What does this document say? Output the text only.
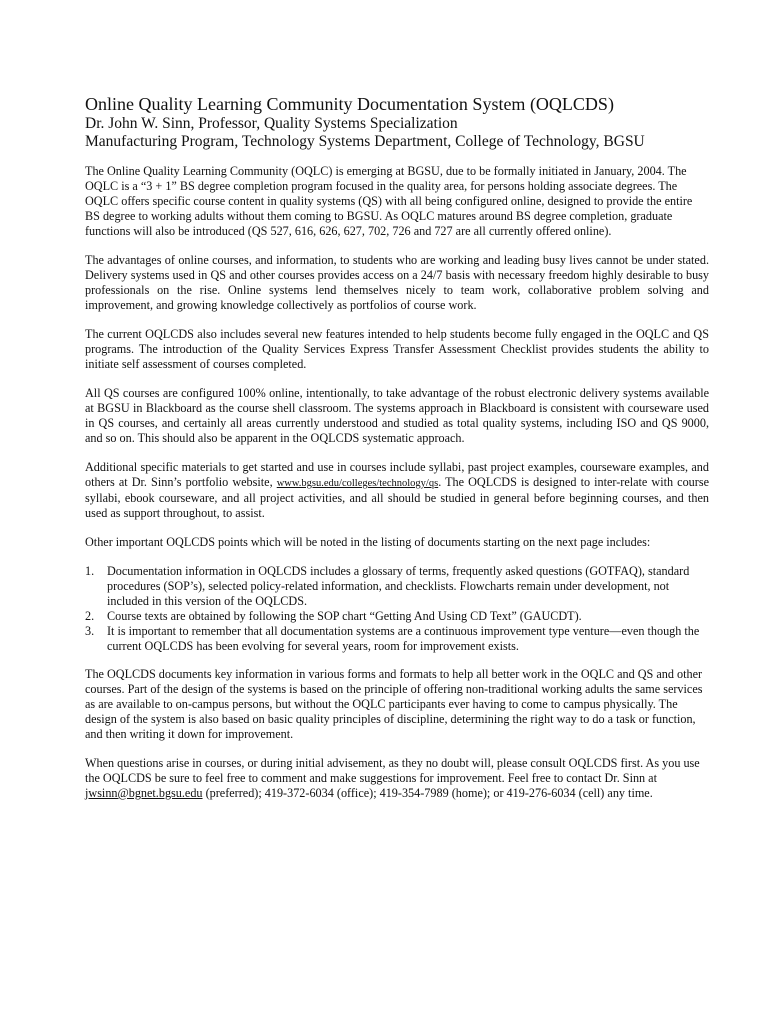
Online Quality Learning Community Documentation System (OQLCDS)

Dr. John W. Sinn, Professor, Quality Systems Specialization

Manufacturing Program, Technology Systems Department, College of Technology, BGSU

The Online Quality Learning Community (OQLC) is emerging at BGSU, due to be formally initiated in January, 2004. The OQLC is a “3 + 1” BS degree completion program focused in the quality area, for persons holding associate degrees. The OQLC offers specific course content in quality systems (QS) with all being configured online, designed to provide the entire BS degree to working adults without them coming to BGSU. As OQLC matures around BS degree completion, graduate functions will also be introduced (QS 527, 616, 626, 627, 702, 726 and 727 are all currently offered online).

The advantages of online courses, and information, to students who are working and leading busy lives cannot be under stated. Delivery systems used in QS and other courses provides access on a 24/7 basis with necessary freedom highly desirable to busy professionals on the rise. Online systems lend themselves nicely to team work, collaborative problem solving and improvement, and growing knowledge collectively as portfolios of course work.

The current OQLCDS also includes several new features intended to help students become fully engaged in the OQLC and QS programs. The introduction of the Quality Services Express Transfer Assessment Checklist provides students the ability to initiate self assessment of courses completed.

All QS courses are configured 100% online, intentionally, to take advantage of the robust electronic delivery systems available at BGSU in Blackboard as the course shell classroom. The systems approach in Blackboard is consistent with courseware used in QS courses, and certainly all areas currently understood and studied as total quality systems, including ISO and QS 9000, and so on. This should also be apparent in the OQLCDS systematic approach.

Additional specific materials to get started and use in courses include syllabi, past project examples, courseware examples, and others at Dr. Sinn’s portfolio website, www.bgsu.edu/colleges/technology/qs. The OQLCDS is designed to inter-relate with course syllabi, ebook courseware, and all project activities, and all should be studied in general before beginning courses, and then used as support throughout, to assist.

Other important OQLCDS points which will be noted in the listing of documents starting on the next page includes:

1. Documentation information in OQLCDS includes a glossary of terms, frequently asked questions (GOTFAQ), standard procedures (SOP’s), selected policy-related information, and checklists. Flowcharts remain under development, not included in this version of the OQLCDS.
2. Course texts are obtained by following the SOP chart “Getting And Using CD Text” (GAUCDT).
3. It is important to remember that all documentation systems are a continuous improvement type venture—even though the current OQLCDS has been evolving for several years, room for improvement exists.

The OQLCDS documents key information in various forms and formats to help all better work in the OQLC and QS and other courses. Part of the design of the systems is based on the principle of offering non-traditional working adults the same services as are available to on-campus persons, but without the OQLC participants ever having to come to campus physically. The design of the system is also based on basic quality principles of discipline, determining the right way to do a task or function, and then writing it down for improvement.

When questions arise in courses, or during initial advisement, as they no doubt will, please consult OQLCDS first. As you use the OQLCDS be sure to feel free to comment and make suggestions for improvement. Feel free to contact Dr. Sinn at jwsinn@bgnet.bgsu.edu (preferred); 419-372-6034 (office); 419-354-7989 (home); or 419-276-6034 (cell) any time.
